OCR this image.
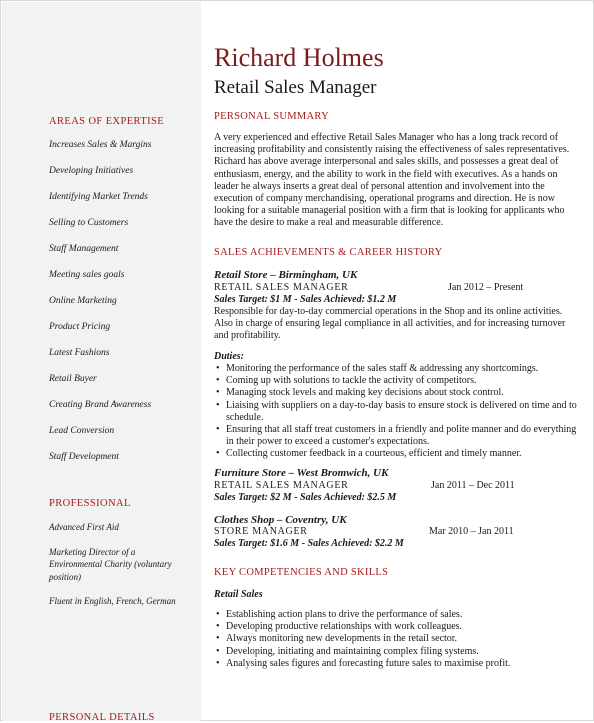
Richard Holmes
Retail Sales Manager
AREAS OF EXPERTISE
Increases Sales & Margins
Developing Initiatives
Identifying Market Trends
Selling to Customers
Staff Management
Meeting sales goals
Online Marketing
Product Pricing
Latest Fashions
Retail Buyer
Creating Brand Awareness
Lead Conversion
Staff Development
PROFESSIONAL
Advanced First Aid
Marketing Director of a Environmental Charity (voluntary position)
Fluent in English, French, German
PERSONAL DETAILS
PERSONAL SUMMARY
A very experienced and effective Retail Sales Manager who has a long track record of increasing profitability and consistently raising the effectiveness of sales representatives. Richard has above average interpersonal and sales skills, and possesses a great deal of enthusiasm, energy, and the ability to work in the field with executives. As a hands on leader he always inserts a great deal of personal attention and involvement into the execution of company merchandising, operational programs and direction. He is now looking for a suitable managerial position with a firm that is looking for applicants who have the desire to make a real and measurable difference.
SALES ACHIEVEMENTS & CAREER HISTORY
Retail Store – Birmingham, UK
RETAIL SALES MANAGER	Jan 2012 – Present
Sales Target: $1 M - Sales Achieved: $1.2 M
Responsible for day-to-day commercial operations in the Shop and its online activities. Also in charge of ensuring legal compliance in all activities, and for increasing turnover and profitability.
Duties:
• Monitoring the performance of the sales staff & addressing any shortcomings.
• Coming up with solutions to tackle the activity of competitors.
• Managing stock levels and making key decisions about stock control.
• Liaising with suppliers on a day-to-day basis to ensure stock is delivered on time and to schedule.
• Ensuring that all staff treat customers in a friendly and polite manner and do everything in their power to exceed a customer's expectations.
• Collecting customer feedback in a courteous, efficient and timely manner.
Furniture Store – West Bromwich, UK
RETAIL SALES MANAGER	Jan 2011 – Dec 2011
Sales Target: $2 M - Sales Achieved: $2.5 M
Clothes Shop – Coventry, UK
STORE MANAGER	Mar 2010 – Jan 2011
Sales Target: $1.6 M - Sales Achieved: $2.2 M
KEY COMPETENCIES AND SKILLS
Retail Sales
• Establishing action plans to drive the performance of sales.
• Developing productive relationships with work colleagues.
• Always monitoring new developments in the retail sector.
• Developing, initiating and maintaining complex filing systems.
• Analysing sales figures and forecasting future sales to maximise profit.
